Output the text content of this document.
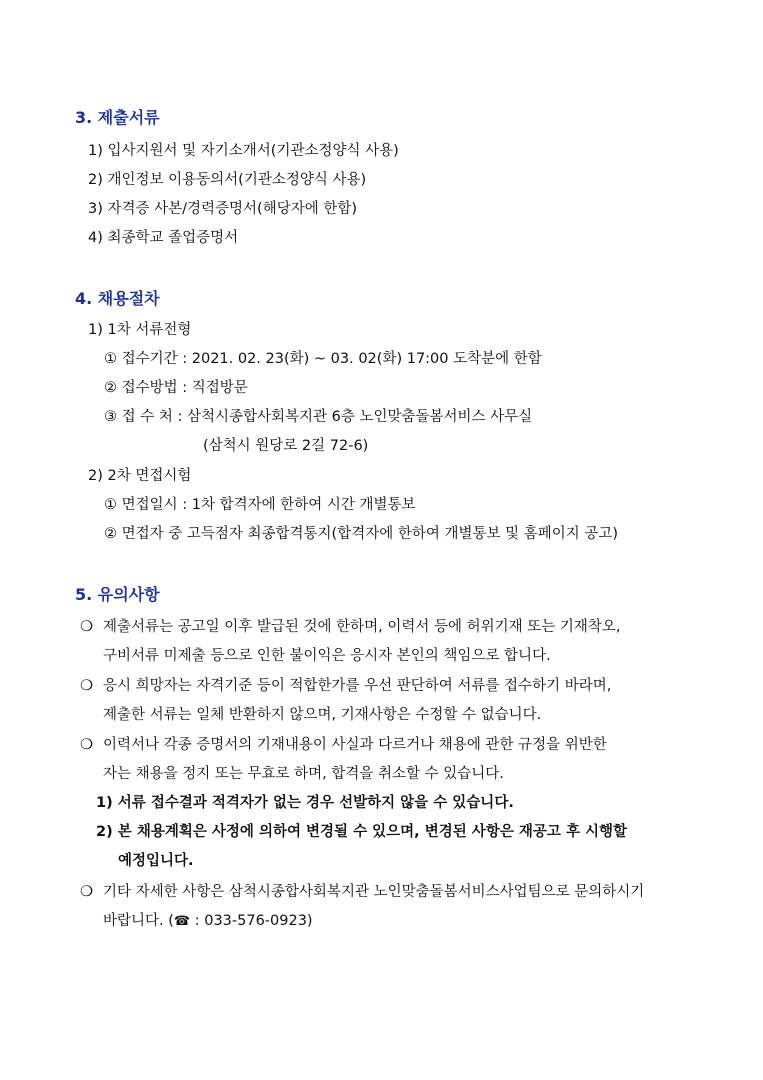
3. 제출서류
1) 입사지원서 및 자기소개서(기관소정양식 사용)
2) 개인정보 이용동의서(기관소정양식 사용)
3) 자격증 사본/경력증명서(해당자에 한함)
4) 최종학교 졸업증명서
4. 채용절차
1) 1차 서류전형
① 접수기간 : 2021. 02. 23(화) ~ 03. 02(화) 17:00 도착분에 한함
② 접수방법 : 직접방문
③ 접 수 처 : 삼척시종합사회복지관 6층 노인맞춤돌봄서비스 사무실
(삼척시 원당로 2길 72-6)
2) 2차 면접시험
① 면접일시 : 1차 합격자에 한하여 시간 개별통보
② 면접자 중 고득점자 최종합격통지(합격자에 한하여 개별통보 및 홈페이지 공고)
5. 유의사항
❍ 제출서류는 공고일 이후 발급된 것에 한하며, 이력서 등에 허위기재 또는 기재착오,
구비서류 미제출 등으로 인한 불이익은 응시자 본인의 책임으로 합니다.
❍ 응시 희망자는 자격기준 등이 적합한가를 우선 판단하여 서류를 접수하기 바라며,
제출한 서류는 일체 반환하지 않으며, 기재사항은 수정할 수 없습니다.
❍ 이력서나 각종 증명서의 기재내용이 사실과 다르거나 채용에 관한 규정을 위반한
자는 채용을 정지 또는 무효로 하며, 합격을 취소할 수 있습니다.
1) 서류 접수결과 적격자가 없는 경우 선발하지 않을 수 있습니다.
2) 본 채용계획은 사정에 의하여 변경될 수 있으며, 변경된 사항은 재공고 후 시행할
예정입니다.
❍ 기타 자세한 사항은 삼척시종합사회복지관 노인맞춤돌봄서비스사업팀으로 문의하시기
바랍니다. (☎ : 033-576-0923)
